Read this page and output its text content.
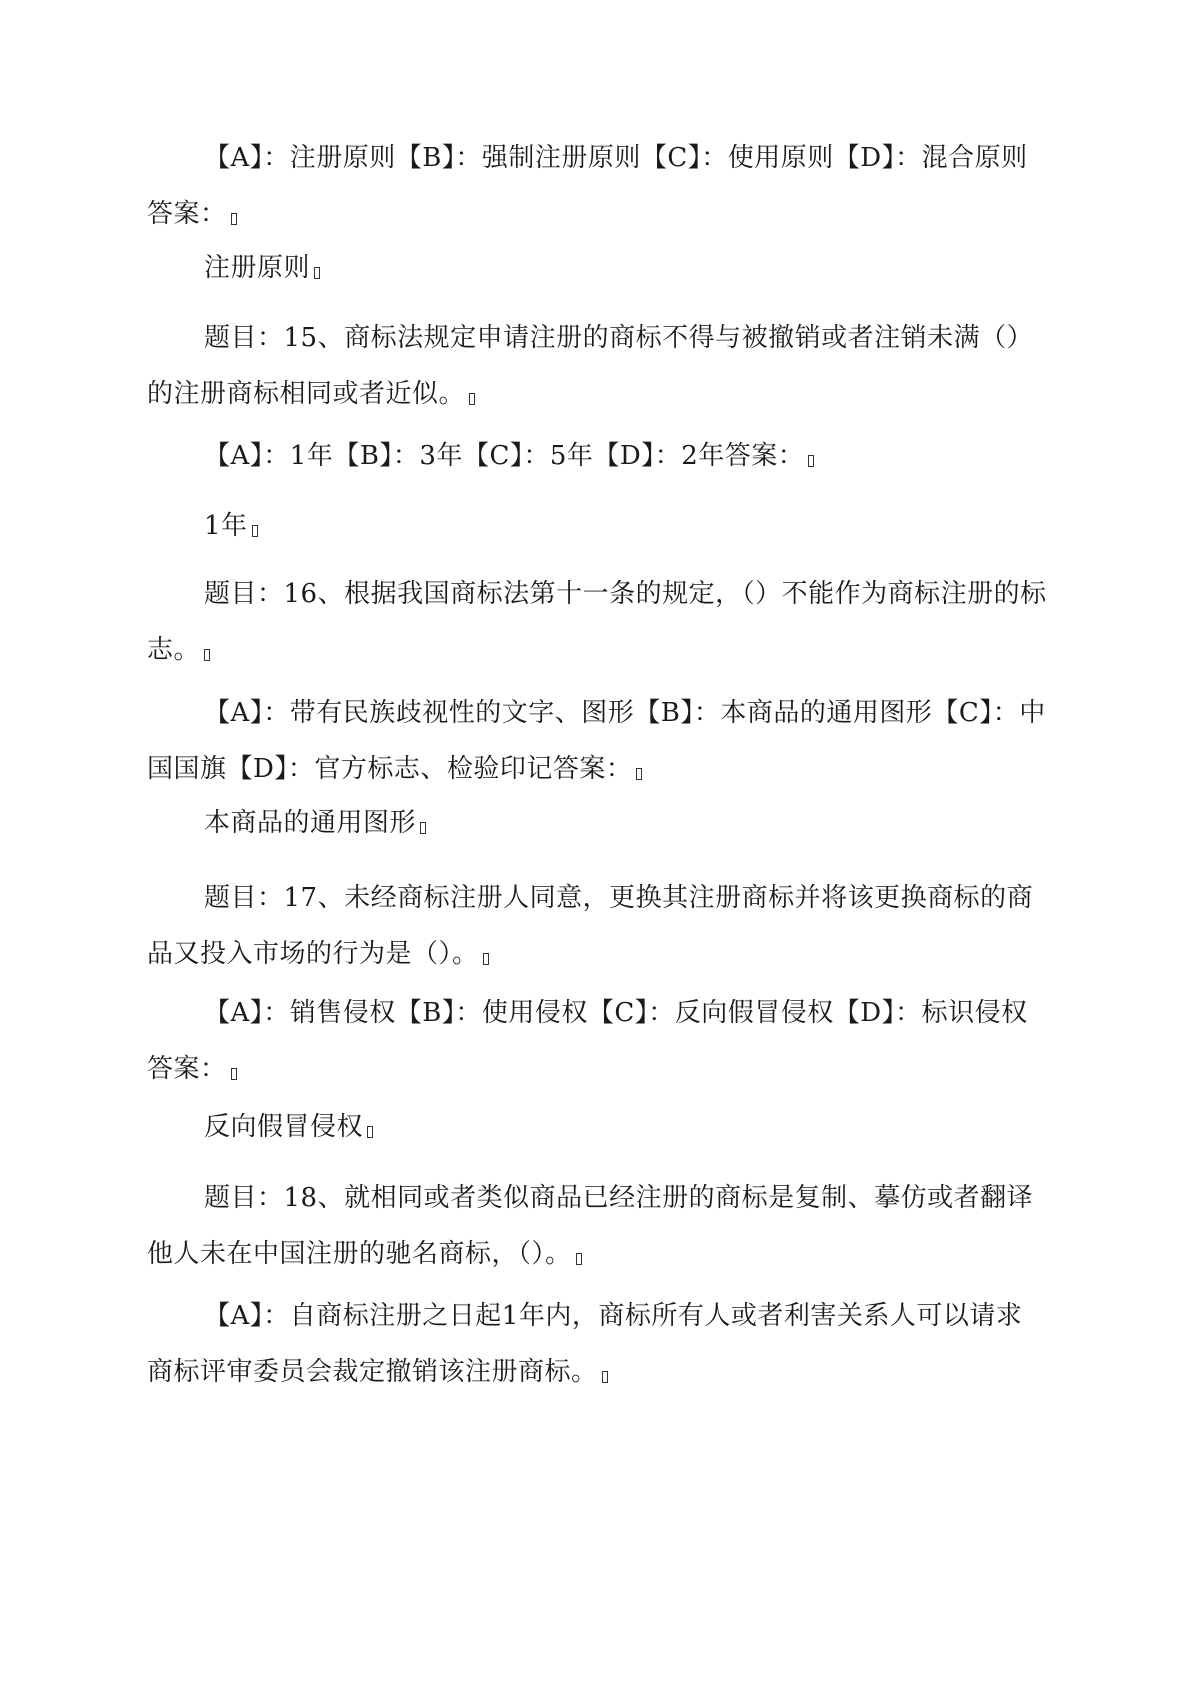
【A】：注册原则【B】：强制注册原则【C】：使用原则【D】：混合原则答案：

注册原则

题目：15、商标法规定申请注册的商标不得与被撤销或者注销未满（）的注册商标相同或者近似。

【A】：1年【B】：3年【C】：5年【D】：2年答案：

1年

题目：16、根据我国商标法第十一条的规定，（）不能作为商标注册的标志。

【A】：带有民族歧视性的文字、图形【B】：本商品的通用图形【C】：中国国旗【D】：官方标志、检验印记答案：

本商品的通用图形

题目：17、未经商标注册人同意，更换其注册商标并将该更换商标的商品又投入市场的行为是（）。

【A】：销售侵权【B】：使用侵权【C】：反向假冒侵权【D】：标识侵权答案：

反向假冒侵权

题目：18、就相同或者类似商品已经注册的商标是复制、摹仿或者翻译他人未在中国注册的驰名商标，（）。

【A】：自商标注册之日起1年内，商标所有人或者利害关系人可以请求商标评审委员会裁定撤销该注册商标。
